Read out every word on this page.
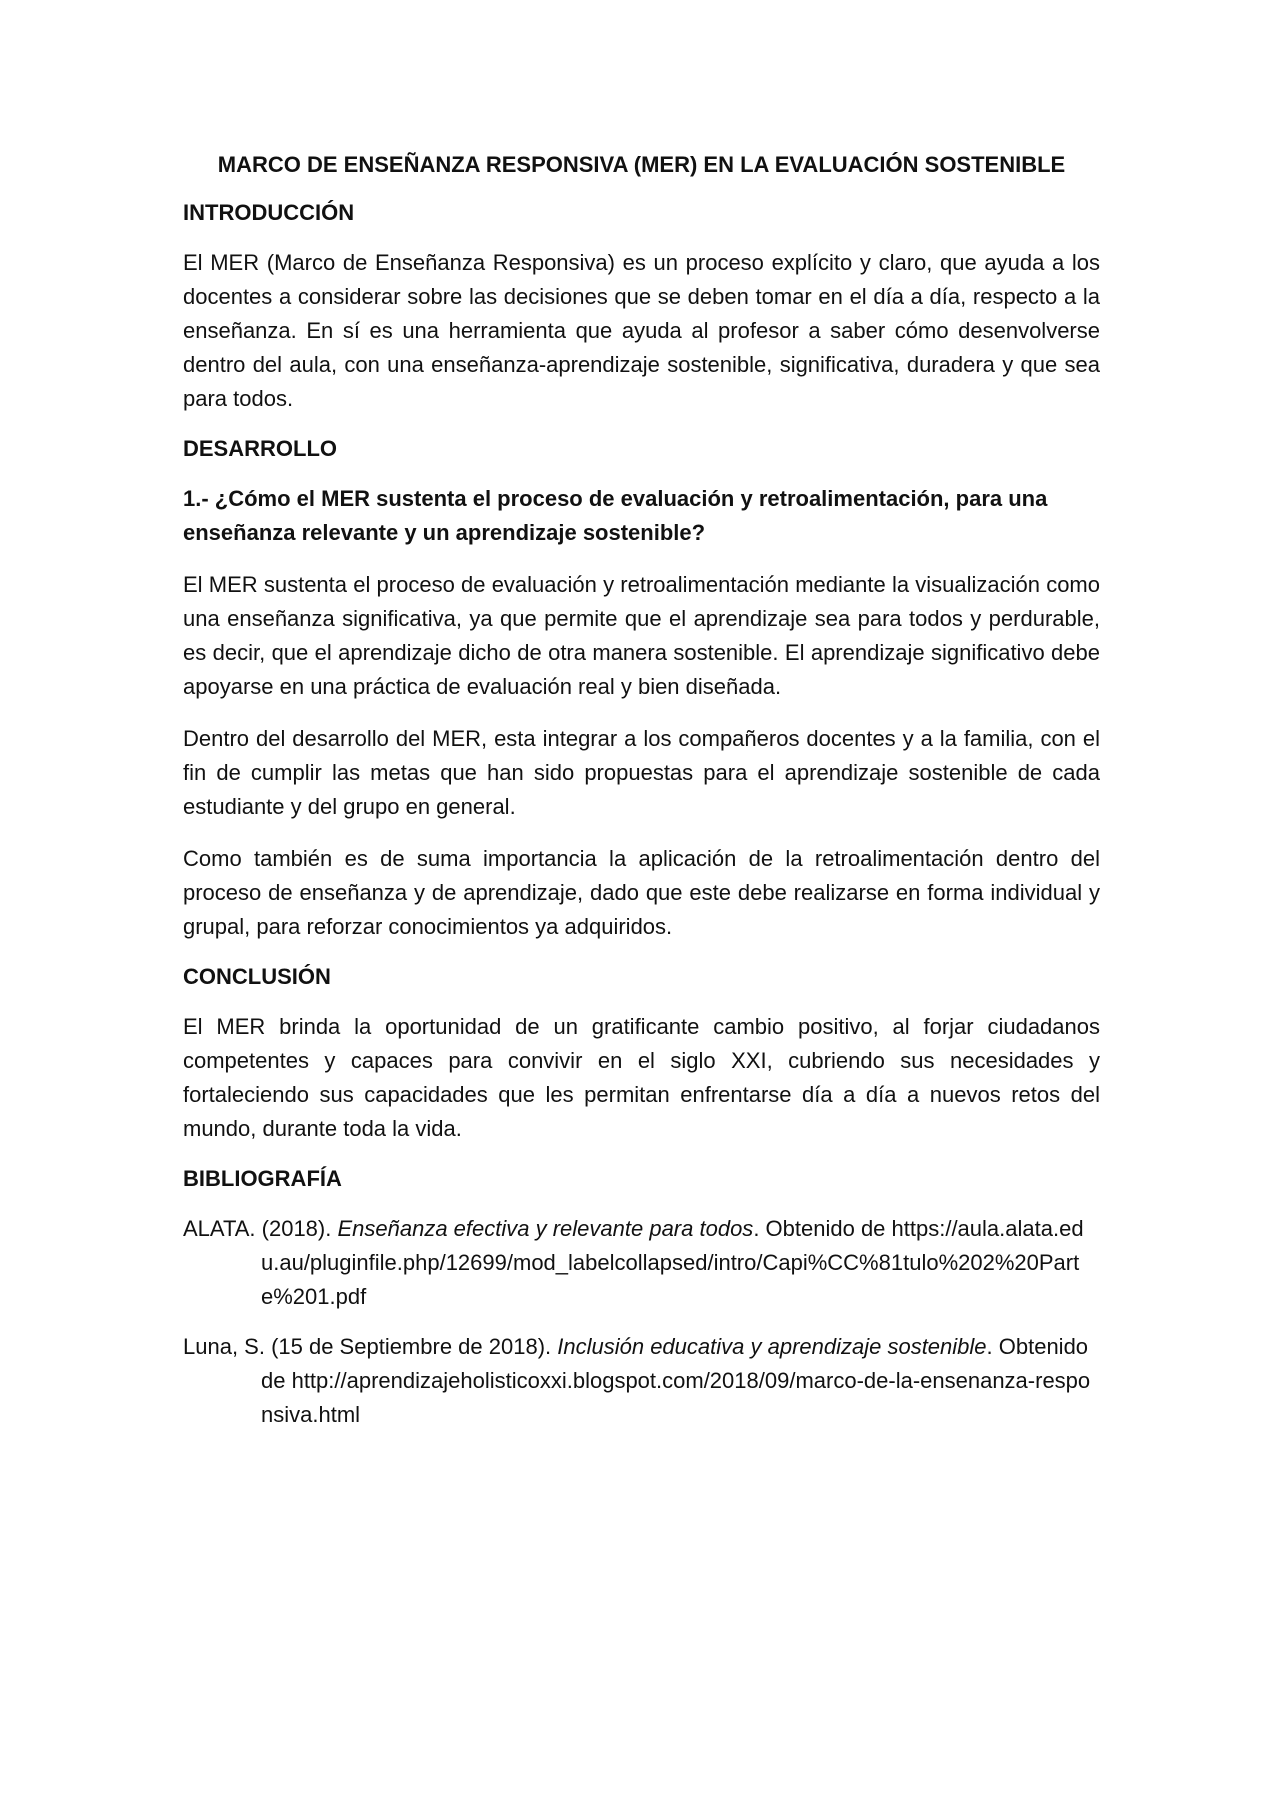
MARCO DE ENSEÑANZA RESPONSIVA (MER) EN LA EVALUACIÓN SOSTENIBLE

INTRODUCCIÓN

El MER (Marco de Enseñanza Responsiva) es un proceso explícito y claro, que ayuda a los docentes a considerar sobre las decisiones que se deben tomar en el día a día, respecto a la enseñanza. En sí es una herramienta que ayuda al profesor a saber cómo desenvolverse dentro del aula, con una enseñanza-aprendizaje sostenible, significativa, duradera y que sea para todos.

DESARROLLO

1.- ¿Cómo el MER sustenta el proceso de evaluación y retroalimentación, para una enseñanza relevante y un aprendizaje sostenible?

El MER sustenta el proceso de evaluación y retroalimentación mediante la visualización como una enseñanza significativa, ya que permite que el aprendizaje sea para todos y perdurable, es decir, que el aprendizaje dicho de otra manera sostenible. El aprendizaje significativo debe apoyarse en una práctica de evaluación real y bien diseñada.

Dentro del desarrollo del MER, esta integrar a los compañeros docentes y a la familia, con el fin de cumplir las metas que han sido propuestas para el aprendizaje sostenible de cada estudiante y del grupo en general.

Como también es de suma importancia la aplicación de la retroalimentación dentro del proceso de enseñanza y de aprendizaje, dado que este debe realizarse en forma individual y grupal, para reforzar conocimientos ya adquiridos.

CONCLUSIÓN

El MER brinda la oportunidad de un gratificante cambio positivo, al forjar ciudadanos competentes y capaces para convivir en el siglo XXI, cubriendo sus necesidades y fortaleciendo sus capacidades que les permitan enfrentarse día a día a nuevos retos del mundo, durante toda la vida.

BIBLIOGRAFÍA

ALATA. (2018). Enseñanza efectiva y relevante para todos. Obtenido de https://aula.alata.edu.au/pluginfile.php/12699/mod_labelcollapsed/intro/Capi%CC%81tulo%202%20Parte%201.pdf

Luna, S. (15 de Septiembre de 2018). Inclusión educativa y aprendizaje sostenible. Obtenido de http://aprendizajeholisticoxxi.blogspot.com/2018/09/marco-de-la-ensenanza-responsiva.html
